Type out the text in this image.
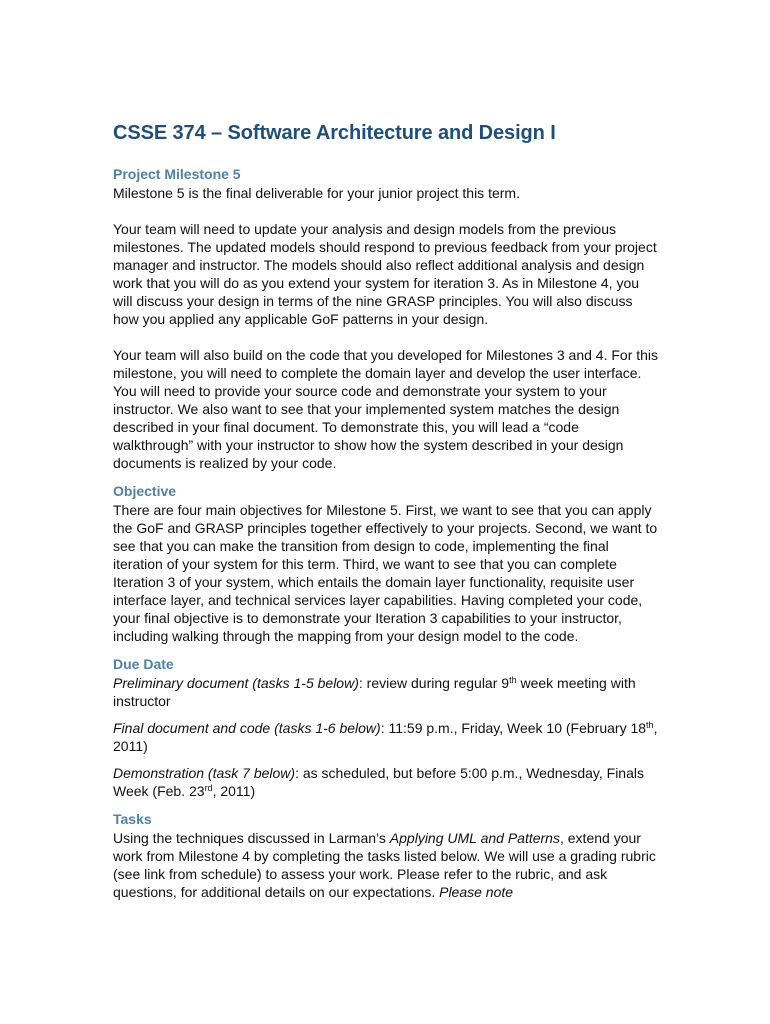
CSSE 374 – Software Architecture and Design I
Project Milestone 5

Milestone 5 is the final deliverable for your junior project this term.

Your team will need to update your analysis and design models from the previous milestones. The updated models should respond to previous feedback from your project manager and instructor. The models should also reflect additional analysis and design work that you will do as you extend your system for iteration 3. As in Milestone 4, you will discuss your design in terms of the nine GRASP principles. You will also discuss how you applied any applicable GoF patterns in your design.

Your team will also build on the code that you developed for Milestones 3 and 4. For this milestone, you will need to complete the domain layer and develop the user interface. You will need to provide your source code and demonstrate your system to your instructor. We also want to see that your implemented system matches the design described in your final document. To demonstrate this, you will lead a “code walkthrough” with your instructor to show how the system described in your design documents is realized by your code.

Objective

There are four main objectives for Milestone 5. First, we want to see that you can apply the GoF and GRASP principles together effectively to your projects. Second, we want to see that you can make the transition from design to code, implementing the final iteration of your system for this term. Third, we want to see that you can complete Iteration 3 of your system, which entails the domain layer functionality, requisite user interface layer, and technical services layer capabilities. Having completed your code, your final objective is to demonstrate your Iteration 3 capabilities to your instructor, including walking through the mapping from your design model to the code.

Due Date

Preliminary document (tasks 1-5 below): review during regular 9th week meeting with instructor

Final document and code (tasks 1-6 below): 11:59 p.m., Friday, Week 10 (February 18th, 2011)

Demonstration (task 7 below): as scheduled, but before 5:00 p.m., Wednesday, Finals Week (Feb. 23rd, 2011)

Tasks

Using the techniques discussed in Larman’s Applying UML and Patterns, extend your work from Milestone 4 by completing the tasks listed below. We will use a grading rubric (see link from schedule) to assess your work. Please refer to the rubric, and ask questions, for additional details on our expectations. Please note
